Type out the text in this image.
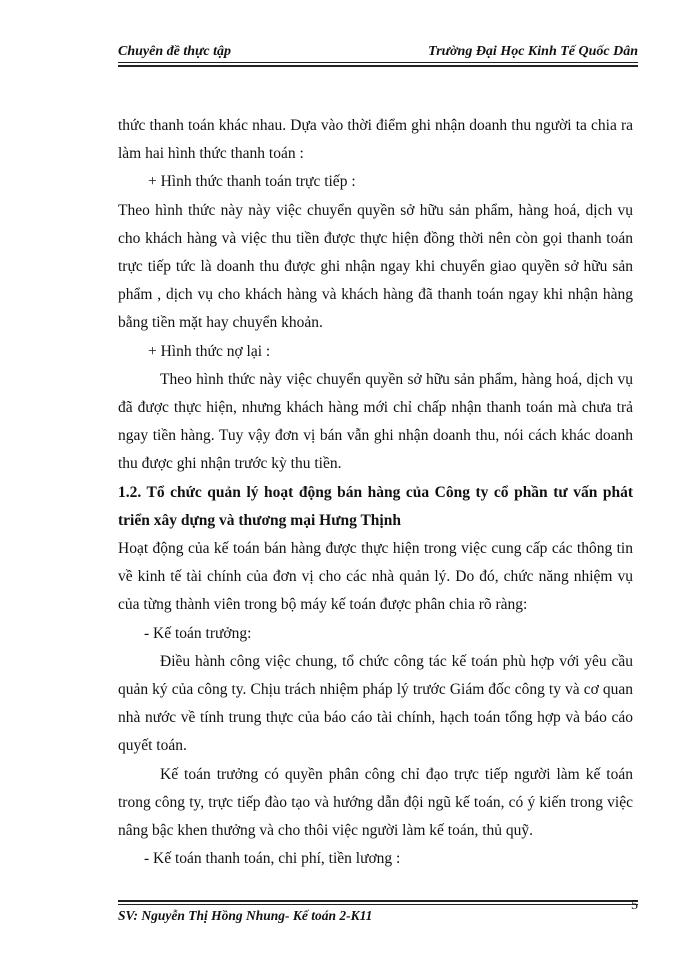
Chuyên đề thực tập	Trường Đại Học Kinh Tế Quốc Dân

thức thanh toán khác nhau. Dựa vào thời điểm ghi nhận doanh thu người ta chia ra làm hai hình thức thanh toán :

+ Hình thức thanh toán trực tiếp :

Theo hình thức này này việc chuyển quyền sở hữu sản phẩm, hàng hoá, dịch vụ cho khách hàng và việc thu tiền được thực hiện đồng thời nên còn gọi thanh toán trực tiếp tức là doanh thu được ghi nhận ngay khi chuyển giao quyền sở hữu sản phẩm , dịch vụ cho khách hàng và khách hàng đã thanh toán ngay khi nhận hàng bằng tiền mặt hay chuyển khoản.

+ Hình thức nợ lại :

Theo hình thức này việc chuyển quyền sở hữu sản phẩm, hàng hoá, dịch vụ đã được thực hiện, nhưng khách hàng mới chỉ chấp nhận thanh toán mà chưa trả ngay tiền hàng. Tuy vậy đơn vị bán vẫn ghi nhận doanh thu, nói cách khác doanh thu được ghi nhận trước kỳ thu tiền.

1.2. Tổ chức quản lý hoạt động bán hàng của Công ty cổ phần tư vấn phát triển xây dựng và thương mại Hưng Thịnh

Hoạt động của kế toán bán hàng được thực hiện trong việc cung cấp các thông tin về kinh tế tài chính của đơn vị cho các nhà quản lý. Do đó, chức năng nhiệm vụ của từng thành viên trong bộ máy kế toán được phân chia rõ ràng:

- Kế toán trưởng:

Điều hành công việc chung, tổ chức công tác kế toán phù hợp với yêu cầu quản ký của công ty. Chịu trách nhiệm pháp lý trước Giám đốc công ty và cơ quan nhà nước về tính trung thực của báo cáo tài chính, hạch toán tổng hợp và báo cáo quyết toán.

Kế toán trưởng có quyền phân công chỉ đạo trực tiếp người làm kế toán trong công ty, trực tiếp đào tạo và hướng dẫn đội ngũ kế toán, có ý kiến trong việc nâng bậc khen thưởng và cho thôi việc người làm kế toán, thủ quỹ.

- Kế toán thanh toán, chi phí, tiền lương :

SV: Nguyễn Thị Hồng Nhung- Kế toán 2-K11
5
